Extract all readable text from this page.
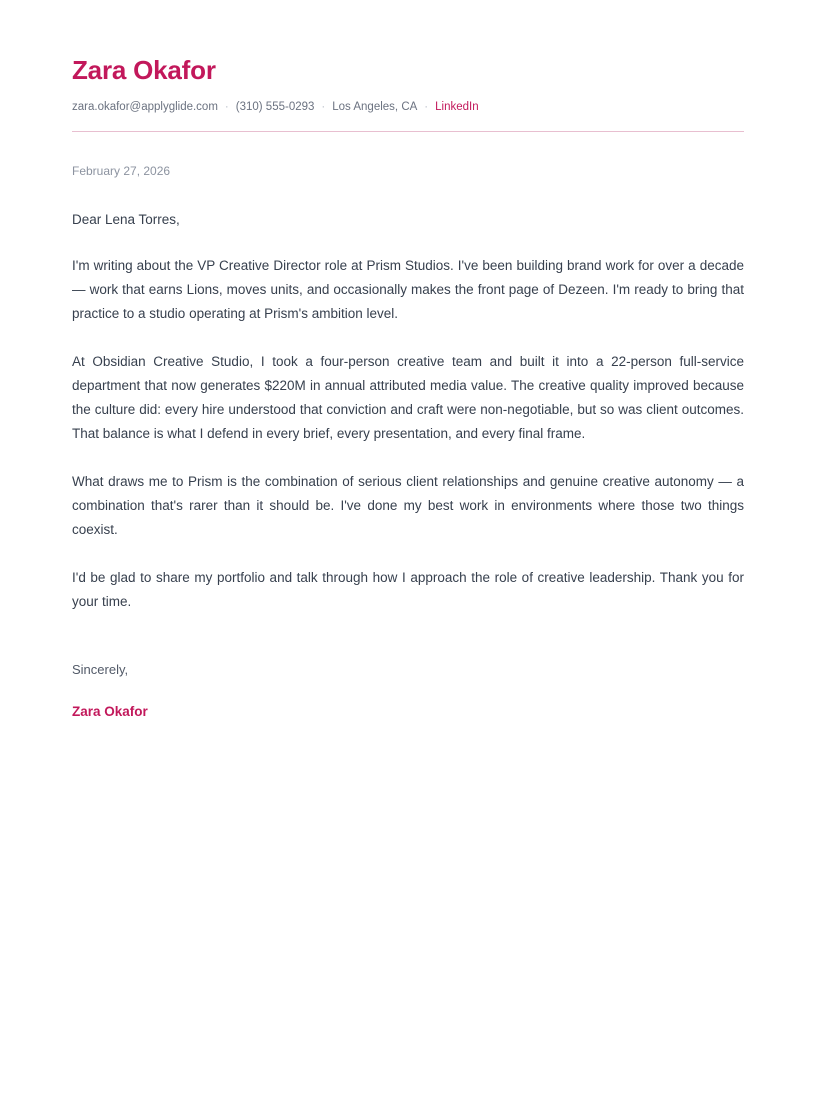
Zara Okafor
zara.okafor@applyglide.com · (310) 555-0293 · Los Angeles, CA · LinkedIn
February 27, 2026
Dear Lena Torres,

I'm writing about the VP Creative Director role at Prism Studios. I've been building brand work for over a decade — work that earns Lions, moves units, and occasionally makes the front page of Dezeen. I'm ready to bring that practice to a studio operating at Prism's ambition level.

At Obsidian Creative Studio, I took a four-person creative team and built it into a 22-person full-service department that now generates $220M in annual attributed media value. The creative quality improved because the culture did: every hire understood that conviction and craft were non-negotiable, but so was client outcomes. That balance is what I defend in every brief, every presentation, and every final frame.

What draws me to Prism is the combination of serious client relationships and genuine creative autonomy — a combination that's rarer than it should be. I've done my best work in environments where those two things coexist.

I'd be glad to share my portfolio and talk through how I approach the role of creative leadership. Thank you for your time.

Sincerely,
Zara Okafor
